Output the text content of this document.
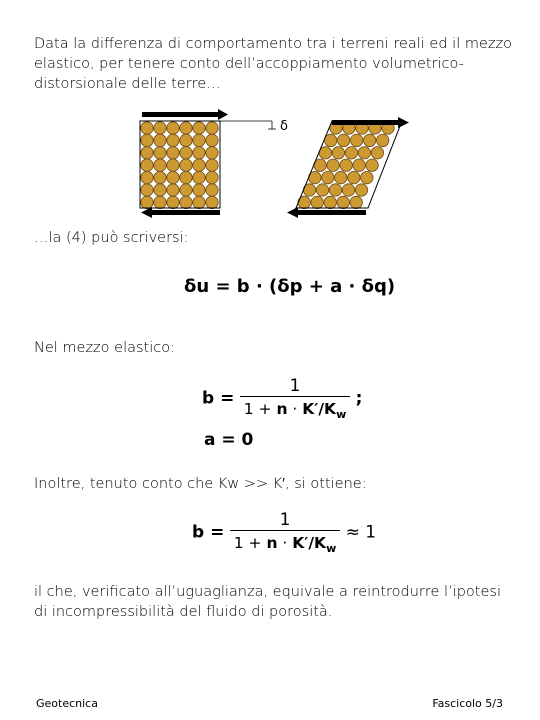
Data la differenza di comportamento tra i terreni reali ed il mezzo elastico, per tenere conto dell’accoppiamento volumetrico-distorsionale delle terre…
δ
…la (4) può scriversi:
δu = b · (δp + a · δq)
Nel mezzo elastico:
$b = \frac{1}{1 + n \cdot K'/K_w}$ ;
a = 0
Inoltre, tenuto conto che Kw >> K′, si ottiene:
$b = \frac{1}{1 + n \cdot K'/K_w} \approx 1$
il che, verificato all’uguaglianza, equivale a reintrodurre l’ipotesi di incompressibilità del fluido di porosità.
Geotecnica	Fascicolo 5/3
